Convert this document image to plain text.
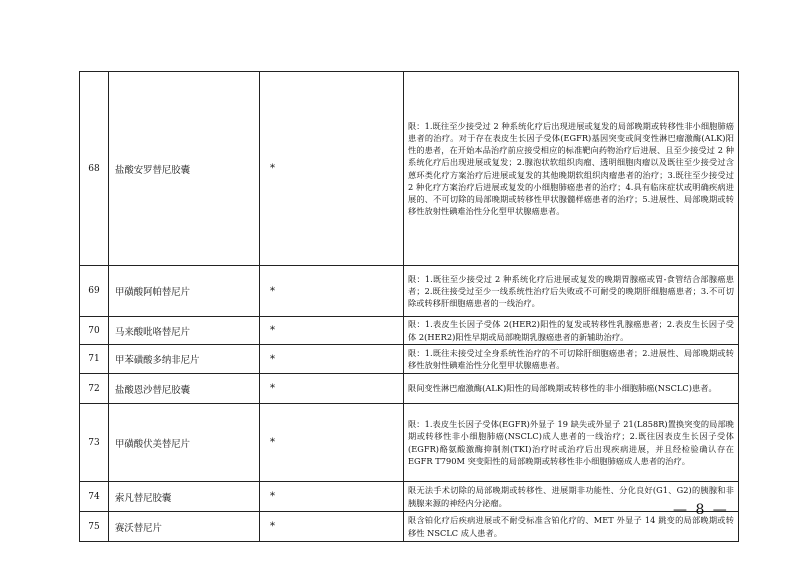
68	盐酸安罗替尼胶囊	*	限：1.既往至少接受过 2 种系统化疗后出现进展或复发的局部晚期或转移性非小细胞肺癌患者的治疗。对于存在表皮生长因子受体(EGFR)基因突变或间变性淋巴瘤激酶(ALK)阳性的患者，在开始本品治疗前应接受相应的标准靶向药物治疗后进展、且至少接受过 2 种系统化疗后出现进展或复发；2.腺泡状软组织肉瘤、透明细胞肉瘤以及既往至少接受过含蒽环类化疗方案治疗后进展或复发的其他晚期软组织肉瘤患者的治疗；3.既往至少接受过 2 种化疗方案治疗后进展或复发的小细胞肺癌患者的治疗；4.具有临床症状或明确疾病进展的、不可切除的局部晚期或转移性甲状腺髓样癌患者的治疗；5.进展性、局部晚期或转移性放射性碘难治性分化型甲状腺癌患者。
69	甲磺酸阿帕替尼片	*	限：1.既往至少接受过 2 种系统化疗后进展或复发的晚期胃腺癌或胃-食管结合部腺癌患者；2.既往接受过至少一线系统性治疗后失败或不可耐受的晚期肝细胞癌患者；3.不可切除或转移肝细胞癌患者的一线治疗。
70	马来酸吡咯替尼片	*	限：1.表皮生长因子受体 2(HER2)阳性的复发或转移性乳腺癌患者；2.表皮生长因子受体 2(HER2)阳性早期或局部晚期乳腺癌患者的新辅助治疗。
71	甲苯磺酸多纳非尼片	*	限：1.既往未接受过全身系统性治疗的不可切除肝细胞癌患者；2.进展性、局部晚期或转移性放射性碘难治性分化型甲状腺癌患者。
72	盐酸恩沙替尼胶囊	*	限间变性淋巴瘤激酶(ALK)阳性的局部晚期或转移性的非小细胞肺癌(NSCLC)患者。
73	甲磺酸伏美替尼片	*	限：1.表皮生长因子受体(EGFR)外显子 19 缺失或外显子 21(L858R)置换突变的局部晚期或转移性非小细胞肺癌(NSCLC)成人患者的一线治疗；2.既往因表皮生长因子受体(EGFR)酪氨酸激酶抑制剂(TKI)治疗时或治疗后出现疾病进展，并且经检验确认存在 EGFR T790M 突变阳性的局部晚期或转移性非小细胞肺癌成人患者的治疗。
74	索凡替尼胶囊	*	限无法手术切除的局部晚期或转移性、进展期非功能性、分化良好(G1、G2)的胰腺和非胰腺来源的神经内分泌瘤。
75	赛沃替尼片	*	限含铂化疗后疾病进展或不耐受标准含铂化疗的、MET 外显子 14 跳变的局部晚期或转移性 NSCLC 成人患者。
— 8 —
